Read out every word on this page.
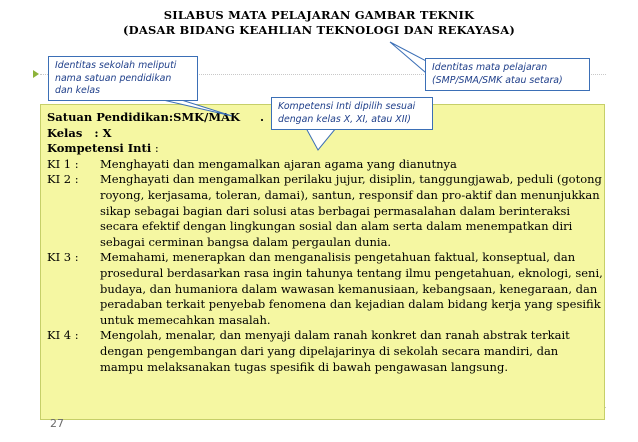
SILABUS MATA PELAJARAN GAMBAR TEKNIK
(DASAR BIDANG KEAHLIAN TEKNOLOGI DAN REKAYASA)
Satuan Pendidikan:SMK/MAK .
Kelas   : X
Kompetensi Inti :
KI 1 :	Menghayati dan mengamalkan ajaran agama yang dianutnya
KI 2 :	Menghayati dan mengamalkan perilaku jujur, disiplin, tanggungjawab, peduli (gotong royong, kerjasama, toleran, damai), santun, responsif dan pro-aktif dan menunjukkan sikap sebagai bagian dari solusi atas berbagai permasalahan dalam berinteraksi secara efektif dengan lingkungan sosial dan alam serta dalam menempatkan diri sebagai cerminan bangsa dalam pergaulan dunia.
KI 3 :	Memahami, menerapkan dan menganalisis pengetahuan faktual, konseptual, dan prosedural berdasarkan rasa ingin tahunya tentang ilmu pengetahuan, eknologi, seni, budaya, dan humaniora dalam wawasan kemanusiaan, kebangsaan, kenegaraan, dan peradaban terkait penyebab fenomena dan kejadian dalam bidang kerja yang spesifik untuk memecahkan masalah.
KI 4 :	Mengolah, menalar, dan menyaji dalam ranah konkret dan ranah abstrak terkait dengan pengembangan dari yang dipelajarinya di sekolah secara mandiri, dan mampu melaksanakan tugas spesifik di bawah pengawasan langsung.
Identitas sekolah meliputi nama satuan pendidikan dan kelas
Identitas mata pelajaran (SMP/SMA/SMK atau setara)
Kompetensi Inti dipilih sesuai dengan kelas X, XI, atau XII)
27
